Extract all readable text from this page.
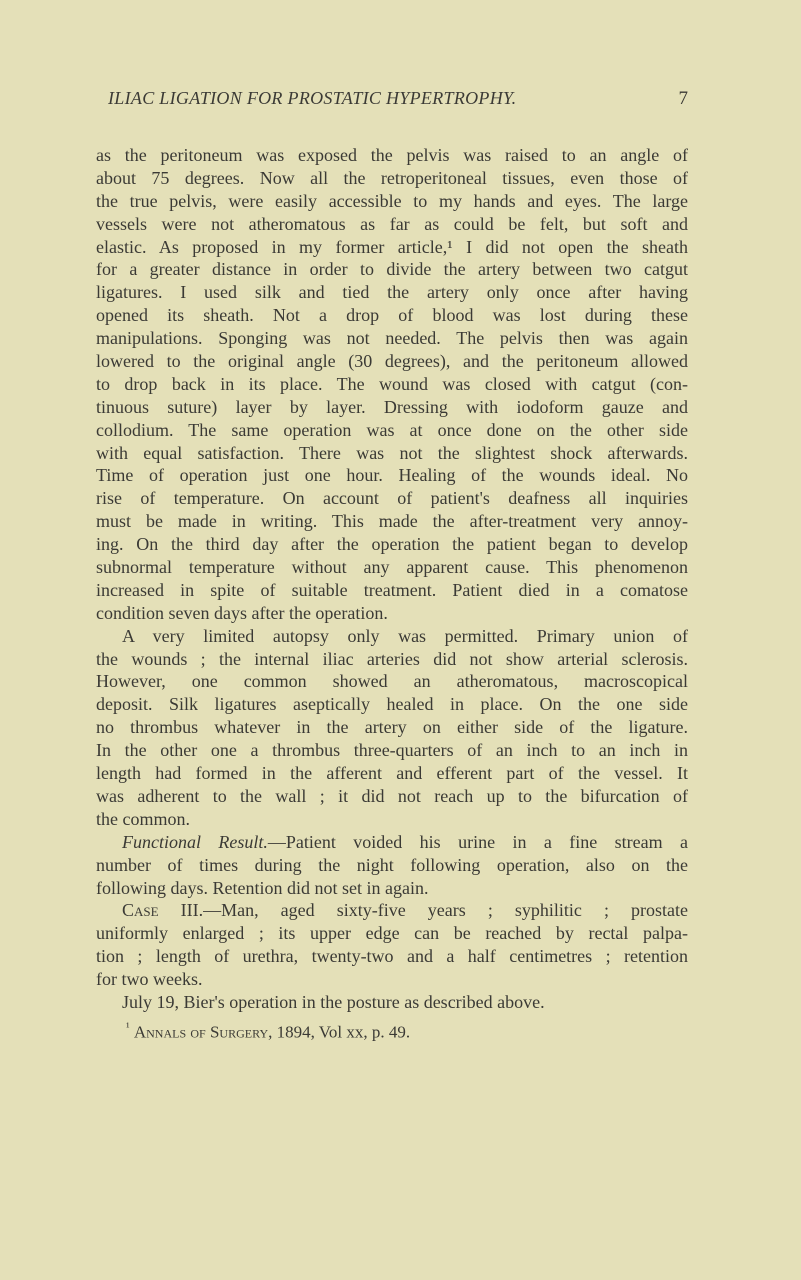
ILIAC LIGATION FOR PROSTATIC HYPERTROPHY.	7
as the peritoneum was exposed the pelvis was raised to an angle of
about 75 degrees. Now all the retroperitoneal tissues, even those of
the true pelvis, were easily accessible to my hands and eyes. The large
vessels were not atheromatous as far as could be felt, but soft and
elastic. As proposed in my former article,¹ I did not open the sheath
for a greater distance in order to divide the artery between two catgut
ligatures. I used silk and tied the artery only once after having
opened its sheath. Not a drop of blood was lost during these
manipulations. Sponging was not needed. The pelvis then was again
lowered to the original angle (30 degrees), and the peritoneum allowed
to drop back in its place. The wound was closed with catgut (con-
tinuous suture) layer by layer. Dressing with iodoform gauze and
collodium. The same operation was at once done on the other side
with equal satisfaction. There was not the slightest shock afterwards.
Time of operation just one hour. Healing of the wounds ideal. No
rise of temperature. On account of patient's deafness all inquiries
must be made in writing. This made the after-treatment very annoy-
ing. On the third day after the operation the patient began to develop
subnormal temperature without any apparent cause. This phenomenon
increased in spite of suitable treatment. Patient died in a comatose
condition seven days after the operation.
A very limited autopsy only was permitted. Primary union of
the wounds ; the internal iliac arteries did not show arterial sclerosis.
However, one common showed an atheromatous, macroscopical
deposit. Silk ligatures aseptically healed in place. On the one side
no thrombus whatever in the artery on either side of the ligature.
In the other one a thrombus three-quarters of an inch to an inch in
length had formed in the afferent and efferent part of the vessel. It
was adherent to the wall ; it did not reach up to the bifurcation of
the common.
Functional Result.—Patient voided his urine in a fine stream a
number of times during the night following operation, also on the
following days. Retention did not set in again.
Case III.—Man, aged sixty-five years ; syphilitic ; prostate
uniformly enlarged ; its upper edge can be reached by rectal palpa-
tion ; length of urethra, twenty-two and a half centimetres ; retention
for two weeks.
July 19, Bier's operation in the posture as described above.
$^{^1}$ Annals of Surgery, 1894, Vol xx, p. 49.
